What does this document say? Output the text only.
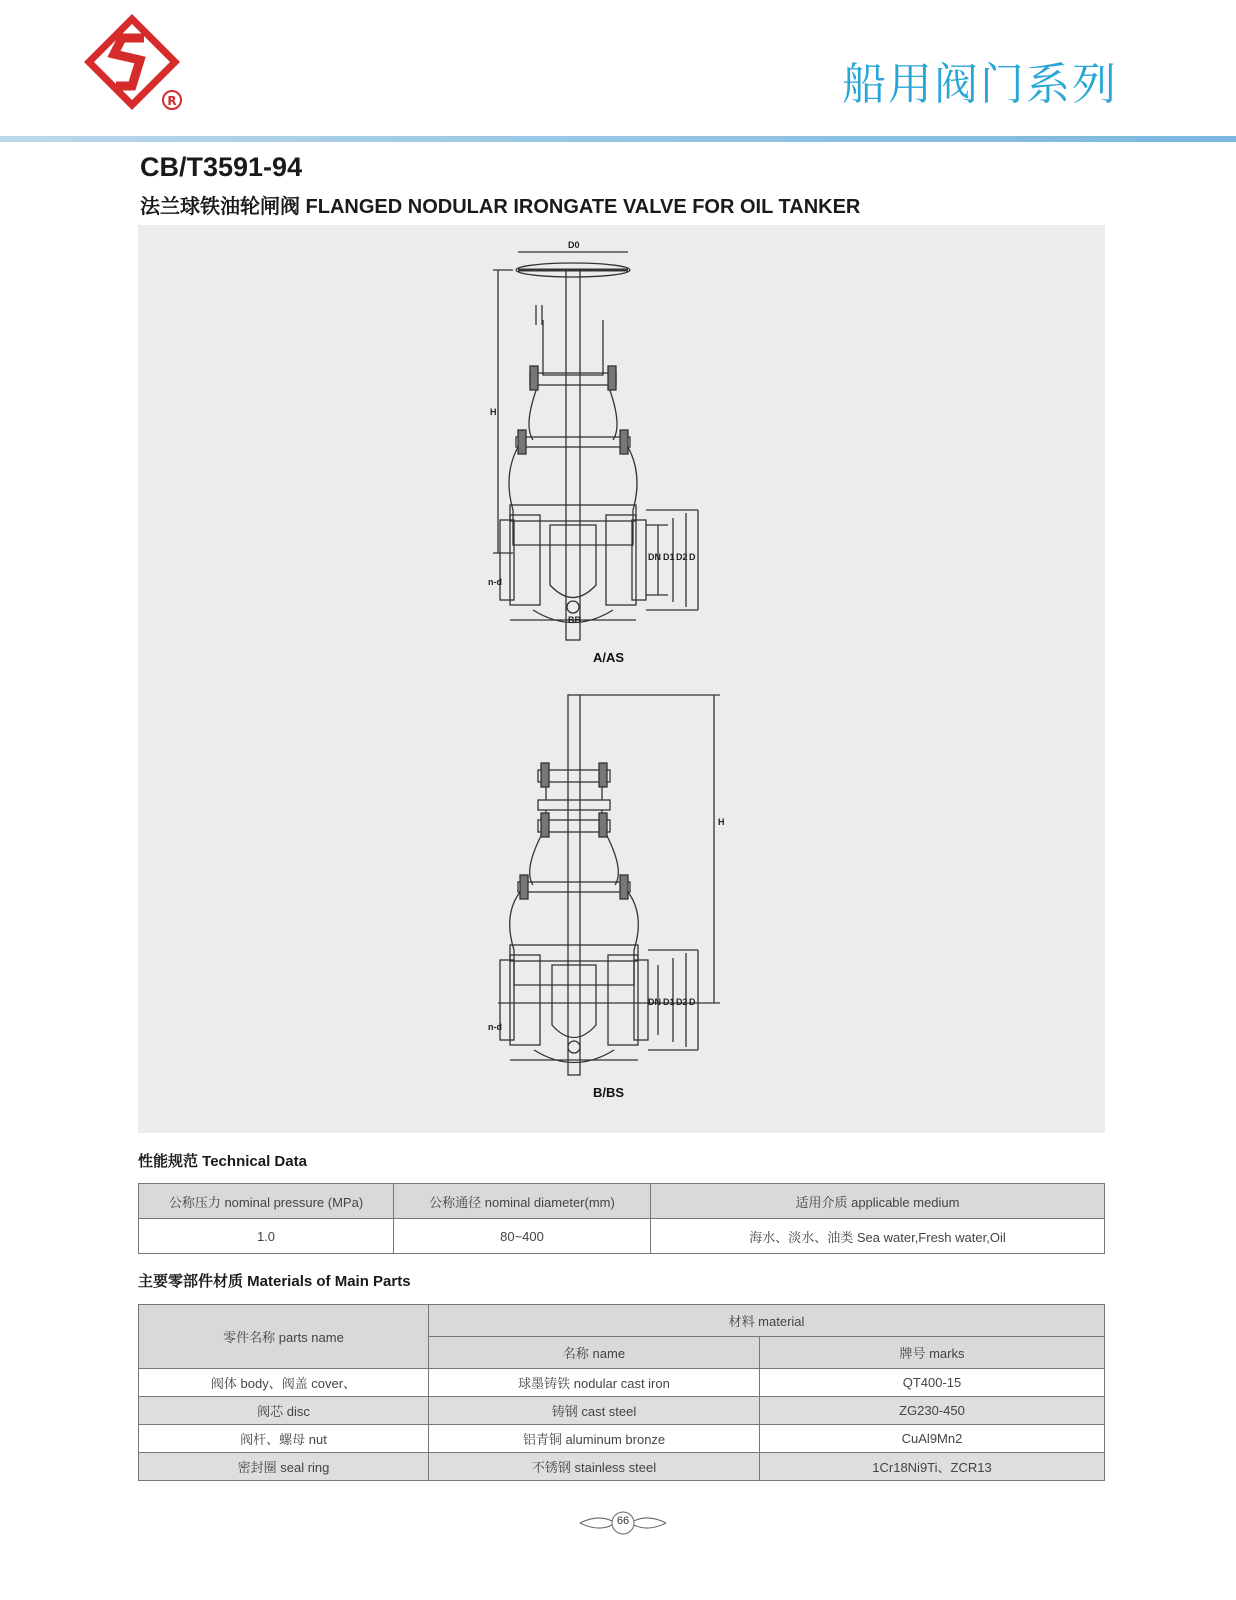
R	船用阀门系列
CB/T3591-94
法兰球铁油轮闸阀 FLANGED NODULAR IRONGATE VALVE FOR OIL TANKER
D0
H
DN D1 D2 D
n-d
BB
H
DN D1 D2 D
n-d
A/AS
B/BS
性能规范 Technical Data
公称压力 nominal pressure (MPa)	公称通径 nominal diameter(mm)	适用介质 applicable medium
1.0	80~400	海水、淡水、油类 Sea water,Fresh water,Oil
主要零部件材质 Materials of Main Parts
零件名称 parts name	材料 material	
	名称 name	牌号 marks
阀体 body、阀盖 cover、	球墨铸铁 nodular cast iron	QT400-15
阀芯 disc	铸钢 cast steel	ZG230-450
阀杆、螺母 nut	铝青铜 aluminum bronze	CuAl9Mn2
密封圈 seal ring	不锈钢 stainless steel	1Cr18Ni9Ti、ZCR13
66
